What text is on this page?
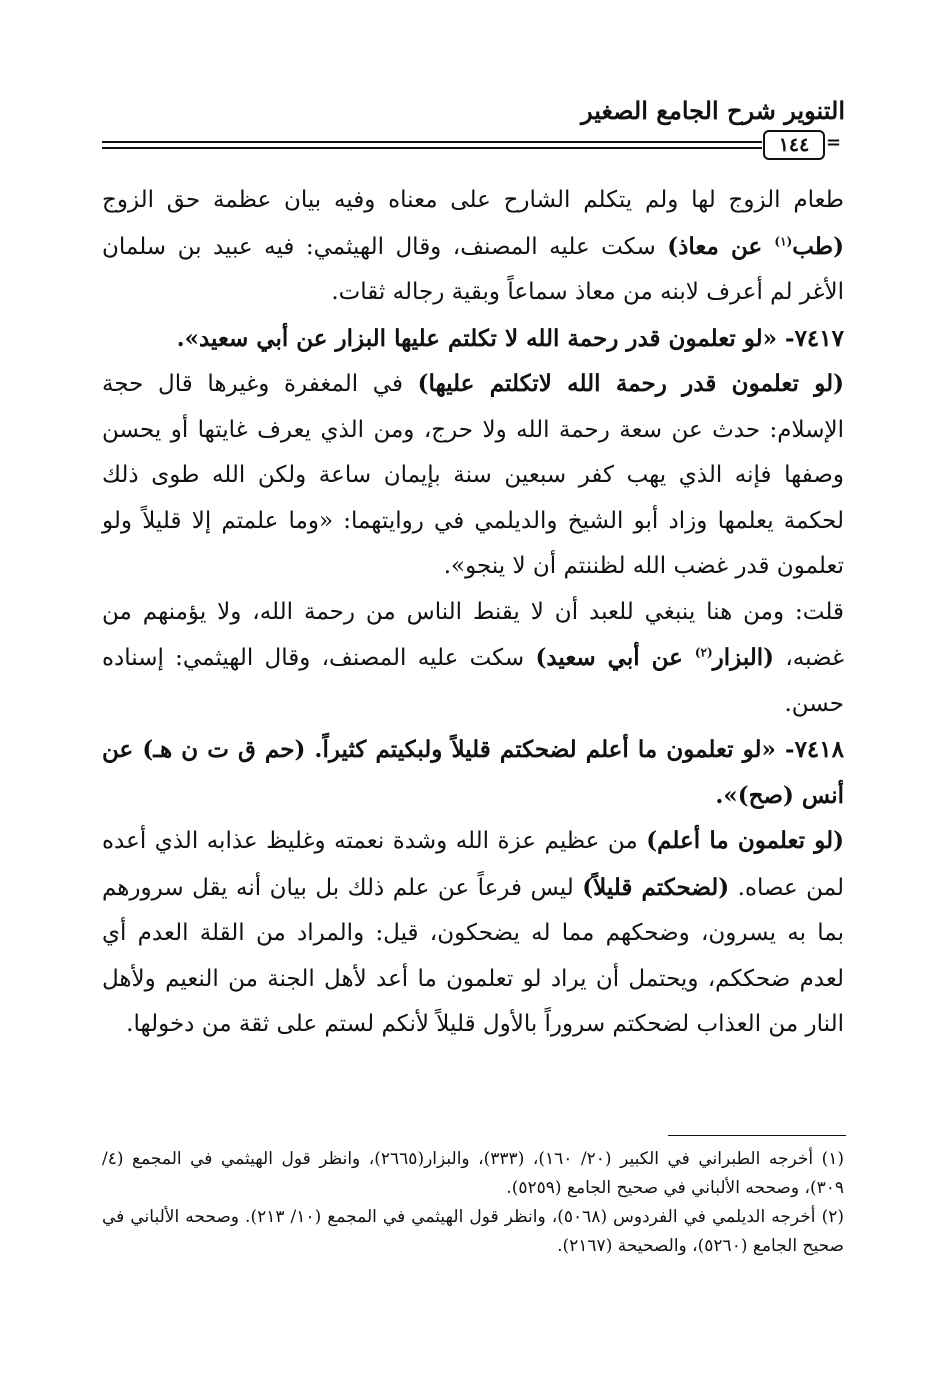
التنوير شرح الجامع الصغير
١٤٤ =

طعام الزوج لها ولم يتكلم الشارح على معناه وفيه بيان عظمة حق الزوج (طب$^{(١)}$ عن معاذ) سكت عليه المصنف، وقال الهيثمي: فيه عبيد بن سلمان الأغر لم أعرف لابنه من معاذ سماعاً وبقية رجاله ثقات.

٧٤١٧- «لو تعلمون قدر رحمة الله لا تكلتم عليها البزار عن أبي سعيد».

(لو تعلمون قدر رحمة الله لاتكلتم عليها) في المغفرة وغيرها قال حجة الإسلام: حدث عن سعة رحمة الله ولا حرج، ومن الذي يعرف غايتها أو يحسن وصفها فإنه الذي يهب كفر سبعين سنة بإيمان ساعة ولكن الله طوى ذلك لحكمة يعلمها وزاد أبو الشيخ والديلمي في روايتهما: «وما علمتم إلا قليلاً ولو تعلمون قدر غضب الله لظننتم أن لا ينجو».

قلت: ومن هنا ينبغي للعبد أن لا يقنط الناس من رحمة الله، ولا يؤمنهم من غضبه، (البزار$^{(٢)}$ عن أبي سعيد) سكت عليه المصنف، وقال الهيثمي: إسناده حسن.

٧٤١٨- «لو تعلمون ما أعلم لضحكتم قليلاً ولبكيتم كثيراً. (حم ق ت ن هـ) عن أنس (صح)».

(لو تعلمون ما أعلم) من عظيم عزة الله وشدة نعمته وغليظ عذابه الذي أعده لمن عصاه. (لضحكتم قليلاً) ليس فرعاً عن علم ذلك بل بيان أنه يقل سرورهم بما به يسرون، وضحكهم مما له يضحكون، قيل: والمراد من القلة العدم أي لعدم ضحككم، ويحتمل أن يراد لو تعلمون ما أعد لأهل الجنة من النعيم ولأهل النار من العذاب لضحكتم سروراً بالأول قليلاً لأنكم لستم على ثقة من دخولها.

(١) أخرجه الطبراني في الكبير (٢٠/ ١٦٠)، (٣٣٣)، والبزار(٢٦٦٥)، وانظر قول الهيثمي في المجمع (٤/ ٣٠٩)، وصححه الألباني في صحيح الجامع (٥٢٥٩).

(٢) أخرجه الديلمي في الفردوس (٥٠٦٨)، وانظر قول الهيثمي في المجمع (١٠/ ٢١٣). وصححه الألباني في صحيح الجامع (٥٢٦٠)، والصحيحة (٢١٦٧).
